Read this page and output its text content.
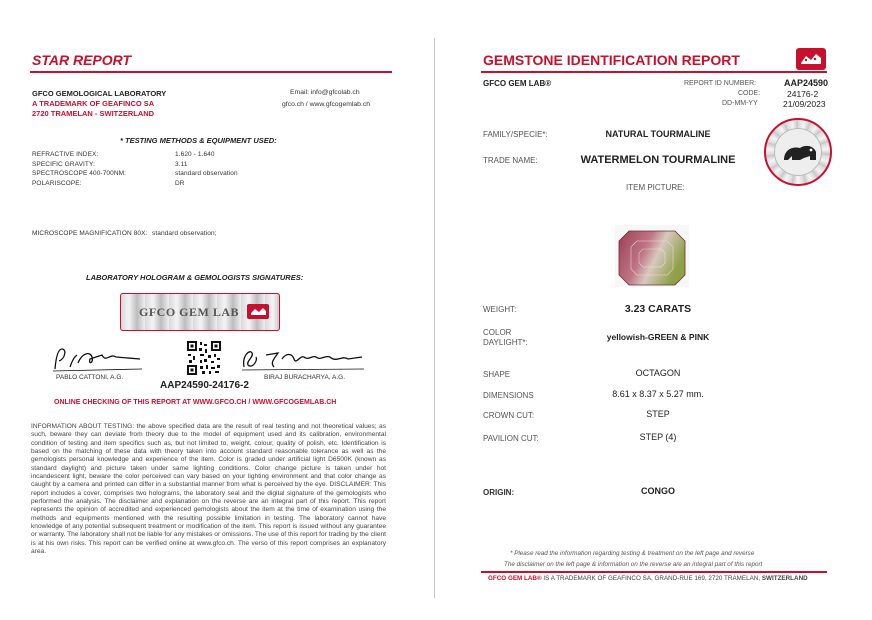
STAR REPORT
GFCO GEMOLOGICAL LABORATORY
A TRADEMARK OF GEAFINCO SA
2720 TRAMELAN - SWITZERLAND
Email: info@gfcolab.ch
gfco.ch / www.gfcogemlab.ch
* TESTING METHODS & EQUIPMENT USED:
REFRACTIVE INDEX:	1.620 - 1.640
SPECIFIC GRAVITY:	3.11
SPECTROSCOPE 400-700NM:	standard observation
POLARISCOPE:	DR
MICROSCOPE MAGNIFICATION 80X: standard observation;
LABORATORY HOLOGRAM & GEMOLOGISTS SIGNATURES:
GFCO GEM LAB
PABLO CATTONI, A.G.	BIRAJ BURACHARYA, A.G.
AAP24590-24176-2
ONLINE CHECKING OF THIS REPORT AT WWW.GFCO.CH / WWW.GFCOGEMLAB.CH
INFORMATION ABOUT TESTING: the above specified data are the result of real testing and not theoretical values; as such, beware they can deviate from theory due to the model of equipment used and its calibration, environmental condition of testing and item specifics such as, but not limited to, weight, colour, quality of polish, etc. Identification is based on the matching of these data with theory taken into account standard reasonable tolerance as well as the gemologists personal knowledge and experience of the item. Color is graded under artificial light D6500K (known as standard daylight) and picture taken under same lighting conditions. Color change picture is taken under hot incandescent light, beware the color perceived can vary based on your lighting environment and that color change as caught by a camera and printed can differ in a substantial manner from what is perceived by the eye. DISCLAIMER: This report includes a cover, comprises two holograms, the laboratory seal and the digital signature of the gemologists who performed the analysis. The disclaimer and explanation on the reverse are an integral part of this report. This report represents the opinion of accredited and experienced gemologists about the item at the time of examination using the methods and equipments mentioned with the resulting possible limitation in testing. The laboratory cannot have knowledge of any potential subsequent treatment or modification of the item. This report is issued without any guarantee or warranty. The laboratory shall not be liable for any mistakes or omissions. The use of this report for trading by the client is at his own risks. This report can be verified online at www.gfco.ch. The verso of this report comprises an explanatory area.
GEMSTONE IDENTIFICATION REPORT
GFCO GEM LAB®	REPORT ID NUMBER:	AAP24590
CODE:	24176-2
DD-MM-YY	21/09/2023
FAMILY/SPECIE*:	NATURAL TOURMALINE
TRADE NAME:	WATERMELON TOURMALINE
ITEM PICTURE:
WEIGHT:	3.23 CARATS
COLOR
DAYLIGHT*:
yellowish-GREEN & PINK
SHAPE	OCTAGON
DIMENSIONS	8.61 x 8.37 x 5.27 mm.
CROWN CUT:	STEP
PAVILION CUT:	STEP (4)
ORIGIN:	CONGO
* Please read the information regarding testing & treatment on the left page and reverse
The disclaimer on the left page & information on the reverse are an integral part of this report
GFCO GEM LAB® IS A TRADEMARK OF GEAFINCO SA, GRAND-RUE 169, 2720 TRAMELAN, SWITZERLAND
